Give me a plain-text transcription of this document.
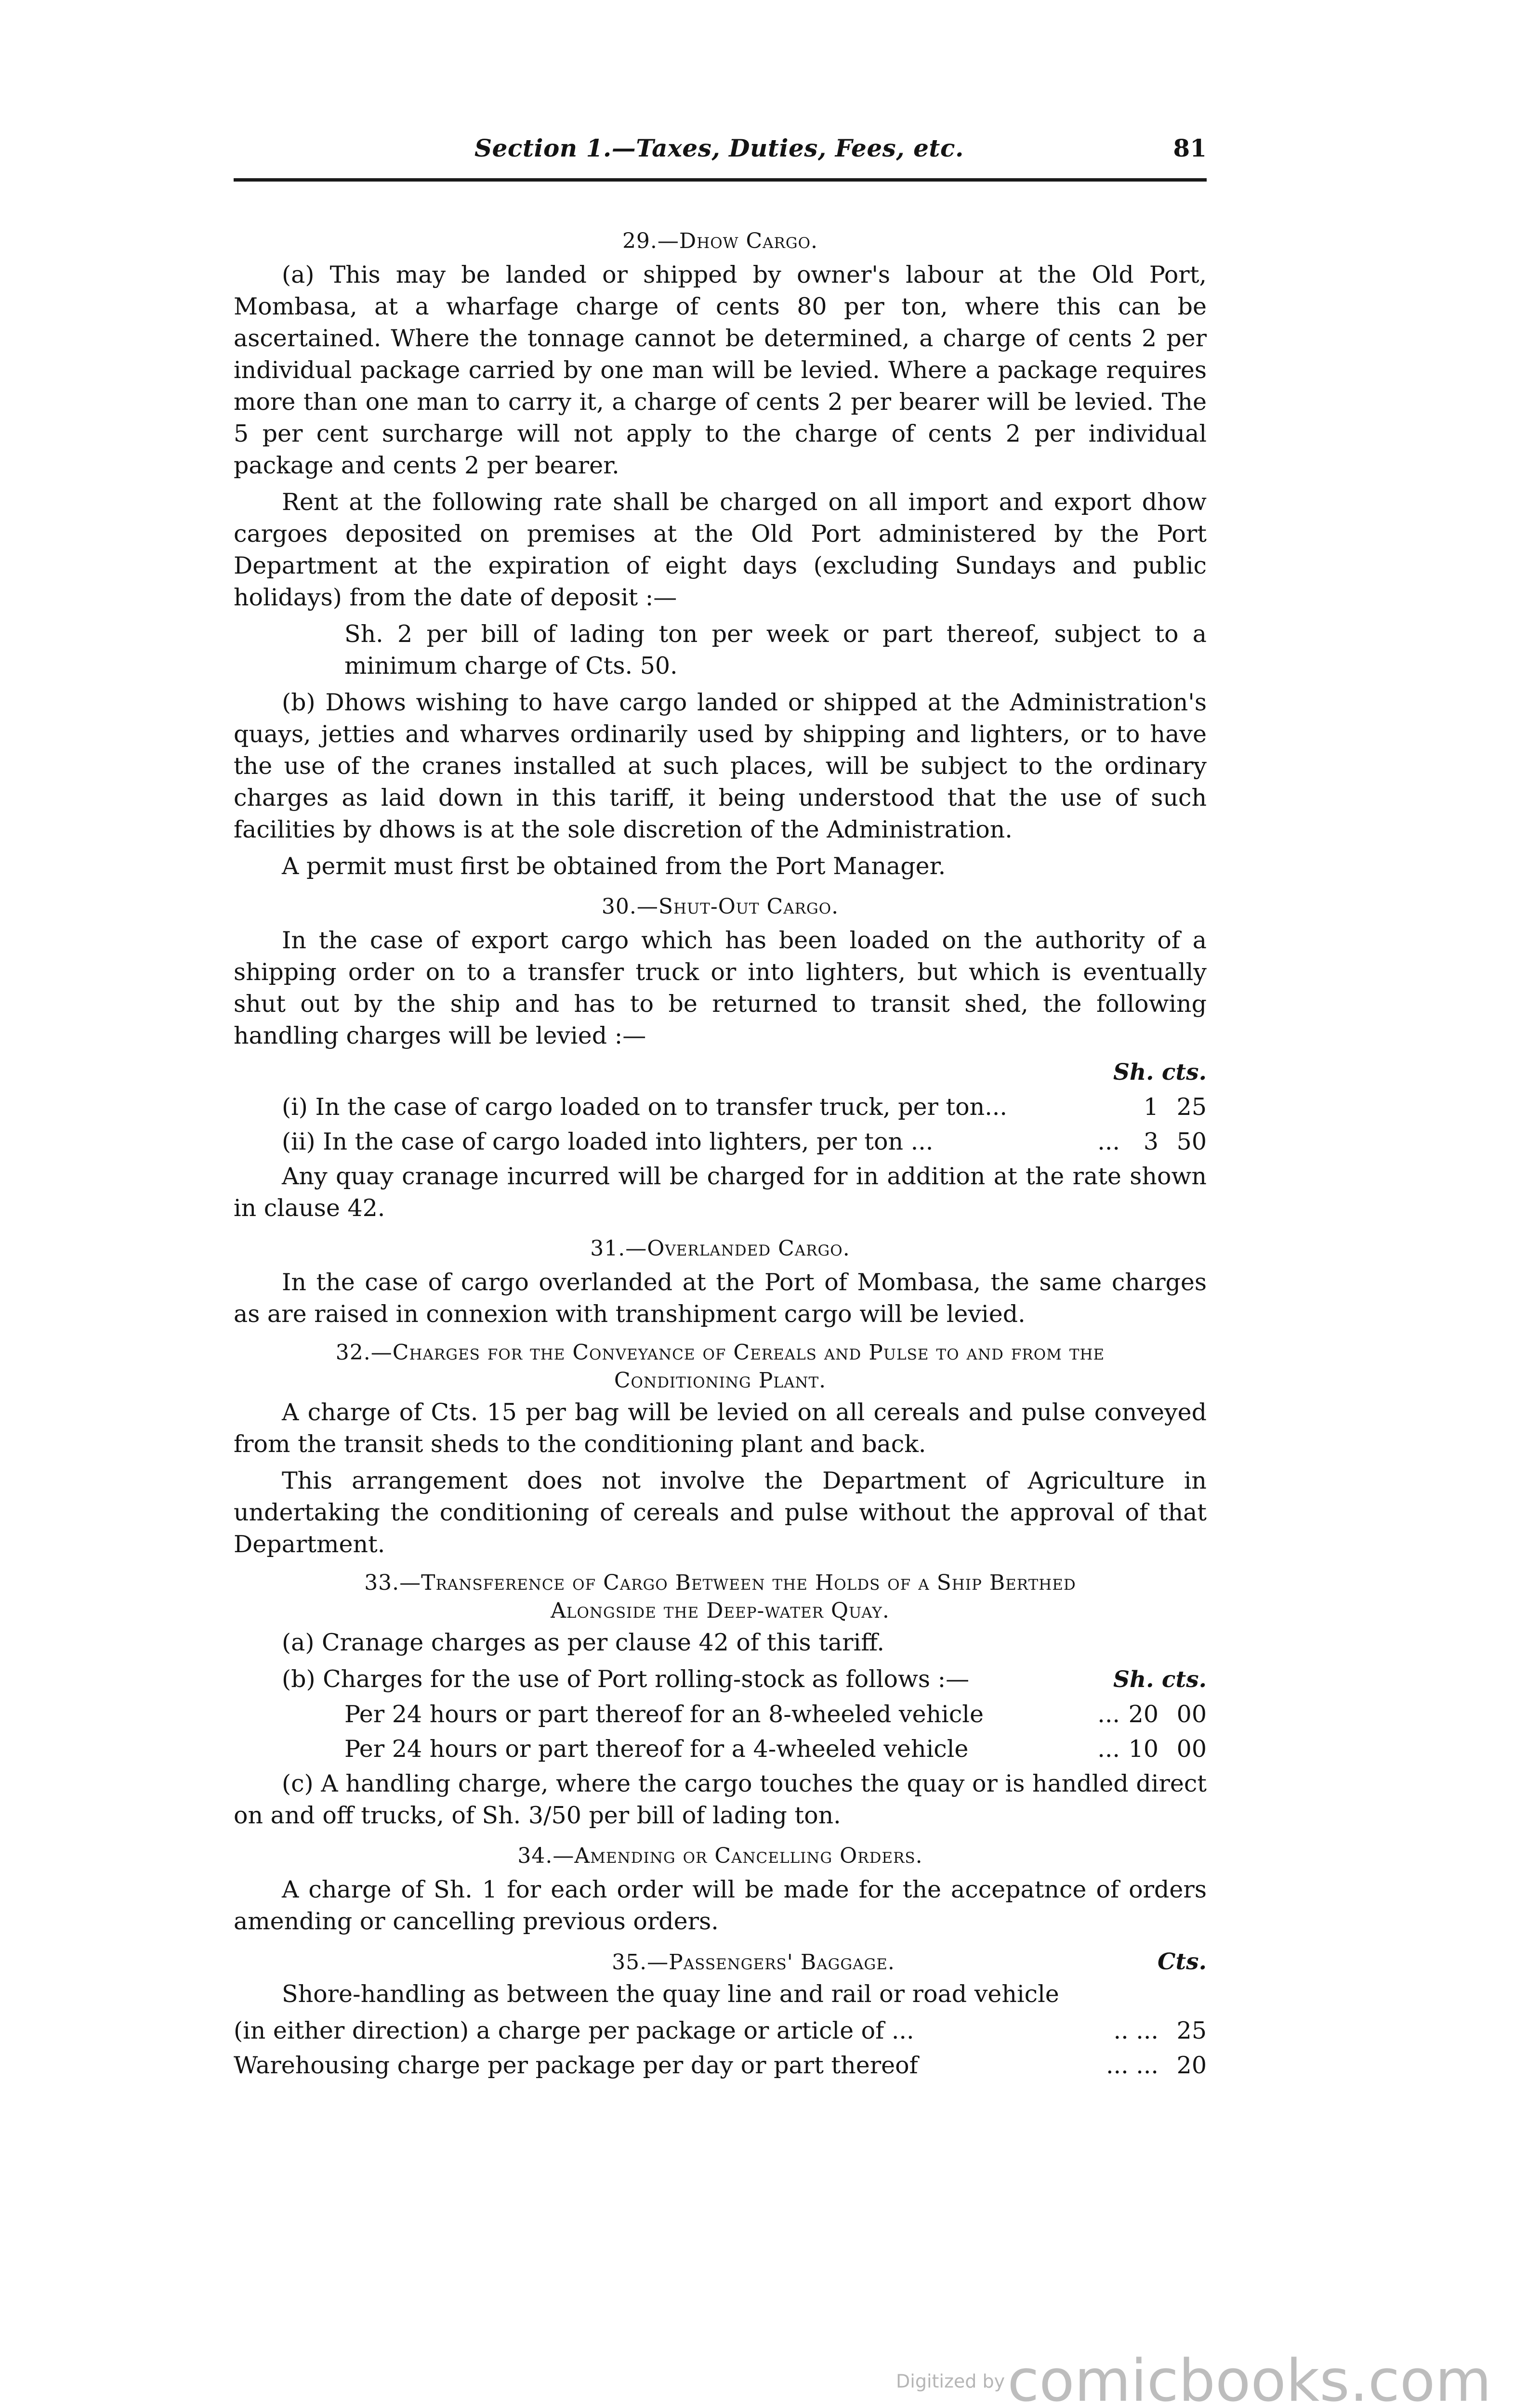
Section 1.—Taxes, Duties, Fees, etc.	81
29.—Dhow Cargo.
(a) This may be landed or shipped by owner's labour at the Old Port, Mombasa, at a wharfage charge of cents 80 per ton, where this can be ascertained. Where the tonnage cannot be determined, a charge of cents 2 per individual package carried by one man will be levied. Where a package requires more than one man to carry it, a charge of cents 2 per bearer will be levied. The 5 per cent surcharge will not apply to the charge of cents 2 per individual package and cents 2 per bearer.
Rent at the following rate shall be charged on all import and export dhow cargoes deposited on premises at the Old Port administered by the Port Department at the expiration of eight days (excluding Sundays and public holidays) from the date of deposit :—
Sh. 2 per bill of lading ton per week or part thereof, subject to a minimum charge of Cts. 50.
(b) Dhows wishing to have cargo landed or shipped at the Administration's quays, jetties and wharves ordinarily used by shipping and lighters, or to have the use of the cranes installed at such places, will be subject to the ordinary charges as laid down in this tariff, it being understood that the use of such facilities by dhows is at the sole discretion of the Administration.
A permit must first be obtained from the Port Manager.
30.—Shut-Out Cargo.
In the case of export cargo which has been loaded on the authority of a shipping order on to a transfer truck or into lighters, but which is eventually shut out by the ship and has to be returned to transit shed, the following handling charges will be levied :—
Sh. cts.
(i) In the case of cargo loaded on to transfer truck, per ton...	1 25
(ii) In the case of cargo loaded into lighters, per ton ...	... 3 50
Any quay cranage incurred will be charged for in addition at the rate shown in clause 42.
31.—Overlanded Cargo.
In the case of cargo overlanded at the Port of Mombasa, the same charges as are raised in connexion with transhipment cargo will be levied.
32.—Charges for the Conveyance of Cereals and Pulse to and from the
Conditioning Plant.
A charge of Cts. 15 per bag will be levied on all cereals and pulse conveyed from the transit sheds to the conditioning plant and back.
This arrangement does not involve the Department of Agriculture in undertaking the conditioning of cereals and pulse without the approval of that Department.
33.—Transference of Cargo Between the Holds of a Ship Berthed
Alongside the Deep-water Quay.
(a) Cranage charges as per clause 42 of this tariff.
(b) Charges for the use of Port rolling-stock as follows :—	Sh. cts.
Per 24 hours or part thereof for an 8-wheeled vehicle	... 20 00
Per 24 hours or part thereof for a 4-wheeled vehicle	... 10 00
(c) A handling charge, where the cargo touches the quay or is handled direct on and off trucks, of Sh. 3/50 per bill of lading ton.
34.—Amending or Cancelling Orders.
A charge of Sh. 1 for each order will be made for the accepatnce of orders amending or cancelling previous orders.
35.—Passengers' Baggage.	Cts.
Shore-handling as between the quay line and rail or road vehicle
(in either direction) a charge per package or article of ...	.. ... 25
Warehousing charge per package per day or part thereof	... ... 20
Digitized by comicbooks.com
